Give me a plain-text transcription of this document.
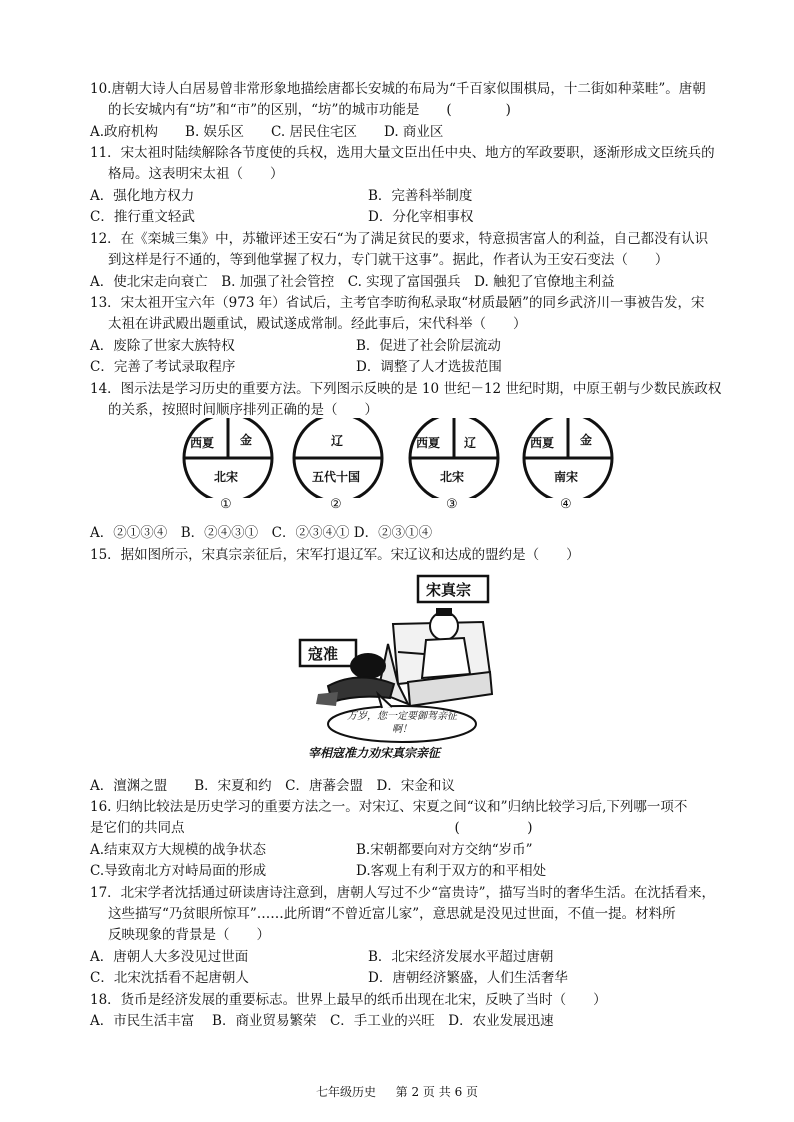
10.唐朝大诗人白居易曾非常形象地描绘唐都长安城的布局为“千百家似围棋局，十二街如种菜畦”。唐朝
的长安城内有“坊”和“市”的区别，“坊”的城市功能是　　(　　　　)
A.政府机构　　B. 娱乐区　　C. 居民住宅区　　D. 商业区
11．宋太祖时陆续解除各节度使的兵权，选用大量文臣出任中央、地方的军政要职，逐渐形成文臣统兵的
格局。这表明宋太祖（　　）
A．强化地方权力	B．完善科举制度
C．推行重文轻武	D．分化宰相事权
12．在《栾城三集》中，苏辙评述王安石“为了满足贫民的要求，特意损害富人的利益，自己都没有认识
到这样是行不通的，等到他掌握了权力，专门就干这事”。据此，作者认为王安石变法（　　）
A．使北宋走向衰亡　B. 加强了社会管控　C. 实现了富国强兵　D. 触犯了官僚地主利益
13．宋太祖开宝六年（973 年）省试后，主考官李昉徇私录取“材质最陋”的同乡武济川一事被告发，宋
太祖在讲武殿出题重试，殿试遂成常制。经此事后，宋代科举（　　）
A．废除了世家大族特权	B．促进了社会阶层流动
C．完善了考试录取程序	D．调整了人才选拔范围
14．图示法是学习历史的重要方法。下列图示反映的是 10 世纪－12 世纪时期，中原王朝与少数民族政权
的关系，按照时间顺序排列正确的是（　　）
西夏 金
北宋
①
辽
五代十国
②
西夏 辽
北宋
③
西夏 金
南宋
④
A．②①③④　B．②④③①　C．②③④① D．②③①④
15．据如图所示，宋真宗亲征后，宋军打退辽军。宋辽议和达成的盟约是（　　）
宋真宗
寇准
万岁，您一定要御驾亲征啊！
宰相寇准力劝宋真宗亲征
A．澶渊之盟　　B．宋夏和约　C．唐蕃会盟　D．宋金和议
16. 归纳比较法是历史学习的重要方法之一。对宋辽、宋夏之间“议和”归纳比较学习后,下列哪一项不
是它们的共同点　　　　　　　　　　　　　　　　　　　　(　　　　　)
A.结束双方大规模的战争状态	B.宋朝都要向对方交纳“岁币”
C.导致南北方对峙局面的形成	D.客观上有利于双方的和平相处
17．北宋学者沈括通过研读唐诗注意到，唐朝人写过不少“富贵诗”，描写当时的奢华生活。在沈括看来，
这些描写“乃贫眼所惊耳”……此所谓“不曾近富儿家”，意思就是没见过世面，不值一提。材料所
反映现象的背景是（　　）
A．唐朝人大多没见过世面	B．北宋经济发展水平超过唐朝
C．北宋沈括看不起唐朝人	D．唐朝经济繁盛，人们生活奢华
18．货币是经济发展的重要标志。世界上最早的纸币出现在北宋，反映了当时（　　）
A．市民生活丰富　 B．商业贸易繁荣　C．手工业的兴旺　D．农业发展迅速
七年级历史 　 第 2 页 共 6 页
